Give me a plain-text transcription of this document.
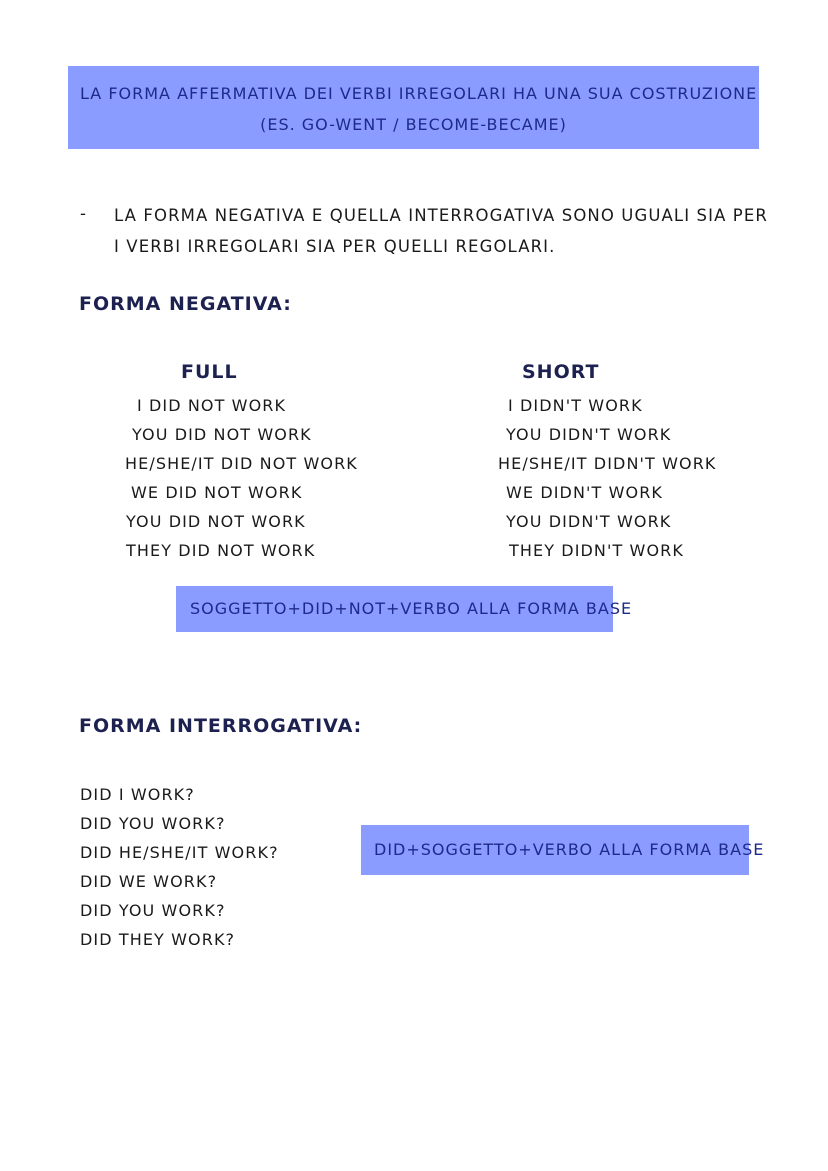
LA FORMA AFFERMATIVA DEI VERBI IRREGOLARI HA UNA SUA COSTRUZIONE
(ES. GO-WENT / BECOME-BECAME)
- LA FORMA NEGATIVA E QUELLA INTERROGATIVA SONO UGUALI SIA PER I VERBI IRREGOLARI SIA PER QUELLI REGOLARI.
FORMA NEGATIVA:
FULL	SHORT
I DID NOT WORK
YOU DID NOT WORK
HE/SHE/IT DID NOT WORK
WE DID NOT WORK
YOU DID NOT WORK
THEY DID NOT WORK
I DIDN'T WORK
YOU DIDN'T WORK
HE/SHE/IT DIDN'T WORK
WE DIDN'T WORK
YOU DIDN'T WORK
THEY DIDN'T WORK
SOGGETTO+DID+NOT+VERBO ALLA FORMA BASE
FORMA INTERROGATIVA:
DID I WORK?
DID YOU WORK?
DID HE/SHE/IT WORK?
DID WE WORK?
DID YOU WORK?
DID THEY WORK?
DID+SOGGETTO+VERBO ALLA FORMA BASE
